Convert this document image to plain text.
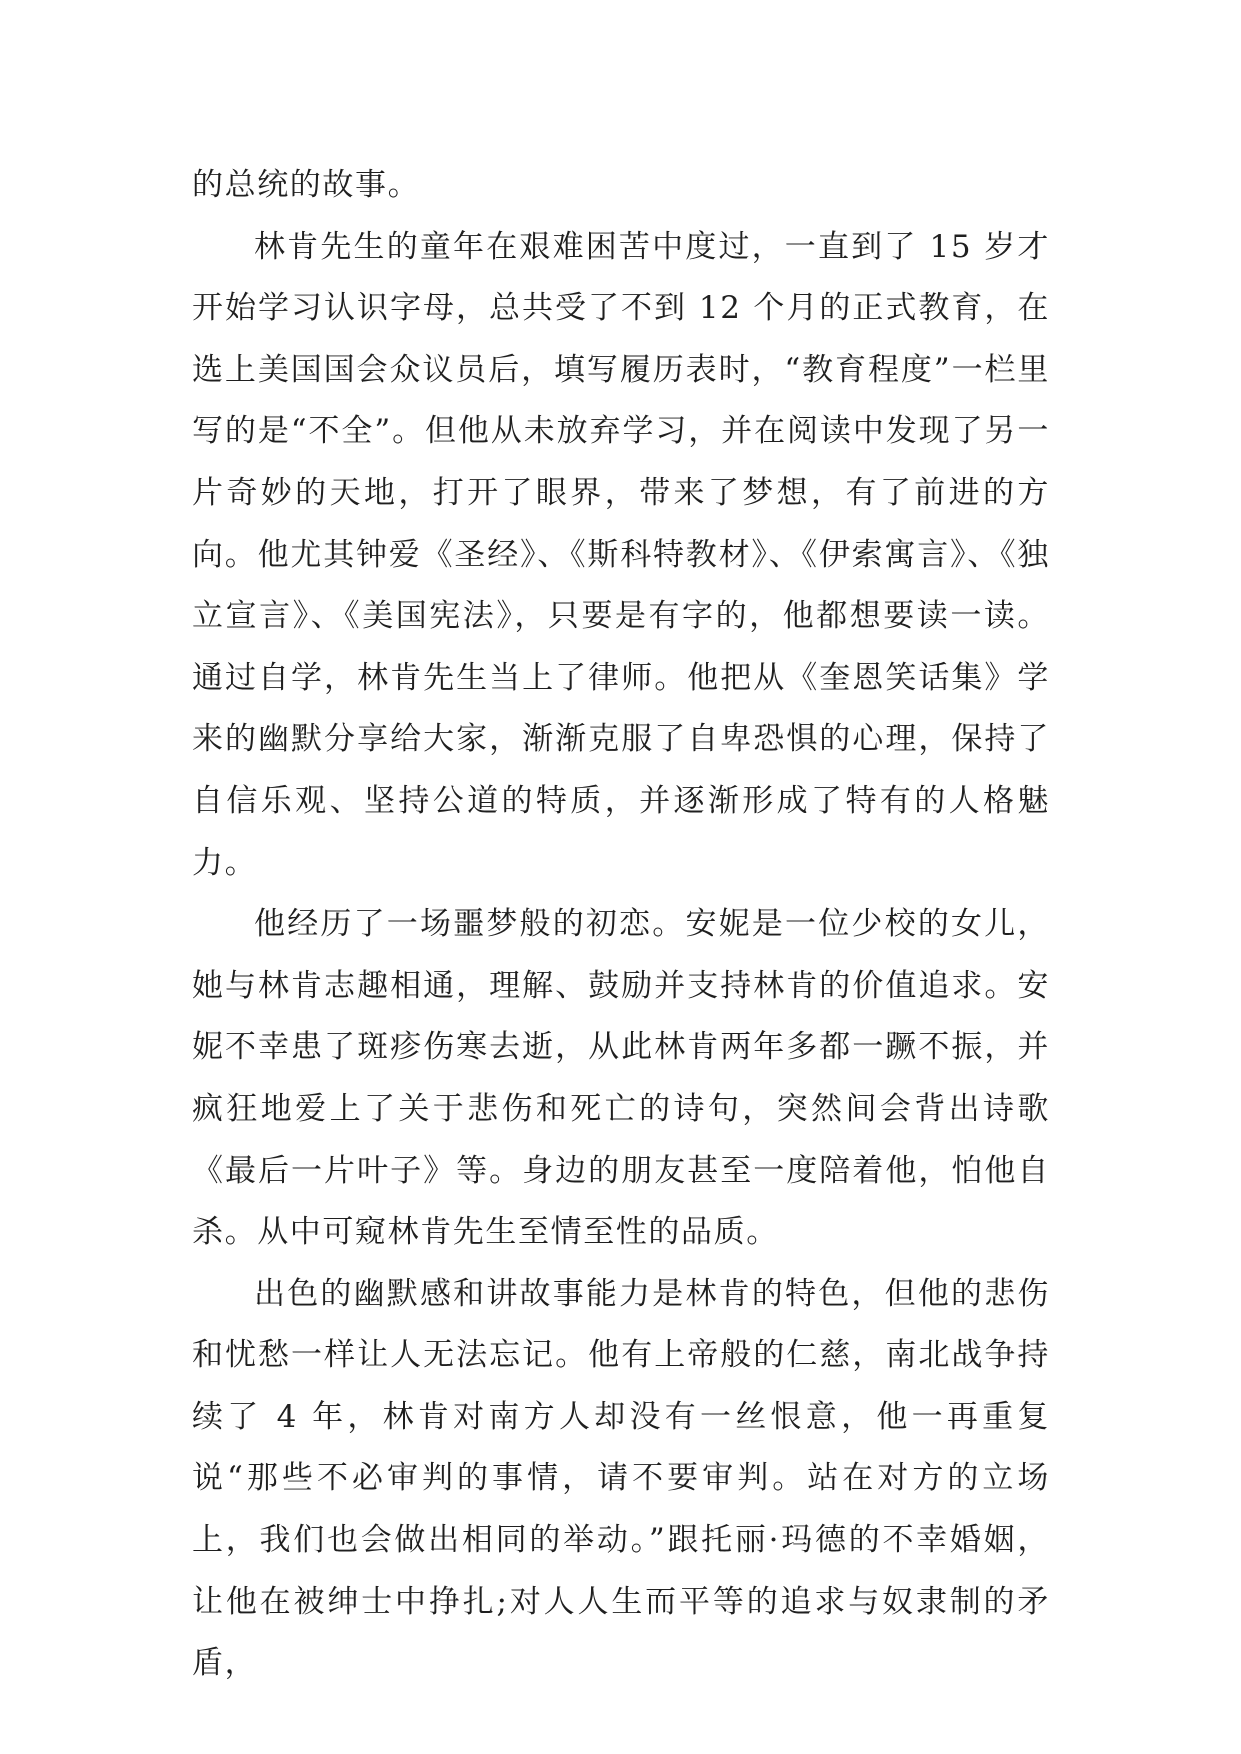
的总统的故事。

林肯先生的童年在艰难困苦中度过，一直到了 15 岁才开始学习认识字母，总共受了不到 12 个月的正式教育，在选上美国国会众议员后，填写履历表时，“教育程度”一栏里写的是“不全”。但他从未放弃学习，并在阅读中发现了另一片奇妙的天地，打开了眼界，带来了梦想，有了前进的方向。他尤其钟爱《圣经》、《斯科特教材》、《伊索寓言》、《独立宣言》、《美国宪法》，只要是有字的，他都想要读一读。通过自学，林肯先生当上了律师。他把从《奎恩笑话集》学来的幽默分享给大家，渐渐克服了自卑恐惧的心理，保持了自信乐观、坚持公道的特质，并逐渐形成了特有的人格魅力。

他经历了一场噩梦般的初恋。安妮是一位少校的女儿，她与林肯志趣相通，理解、鼓励并支持林肯的价值追求。安妮不幸患了斑疹伤寒去逝，从此林肯两年多都一蹶不振，并疯狂地爱上了关于悲伤和死亡的诗句，突然间会背出诗歌《最后一片叶子》等。身边的朋友甚至一度陪着他，怕他自杀。从中可窥林肯先生至情至性的品质。

出色的幽默感和讲故事能力是林肯的特色，但他的悲伤和忧愁一样让人无法忘记。他有上帝般的仁慈，南北战争持续了 4 年，林肯对南方人却没有一丝恨意，他一再重复说“那些不必审判的事情，请不要审判。站在对方的立场上，我们也会做出相同的举动。”跟托丽·玛德的不幸婚姻，让他在被绅士中挣扎;对人人生而平等的追求与奴隶制的矛盾，
